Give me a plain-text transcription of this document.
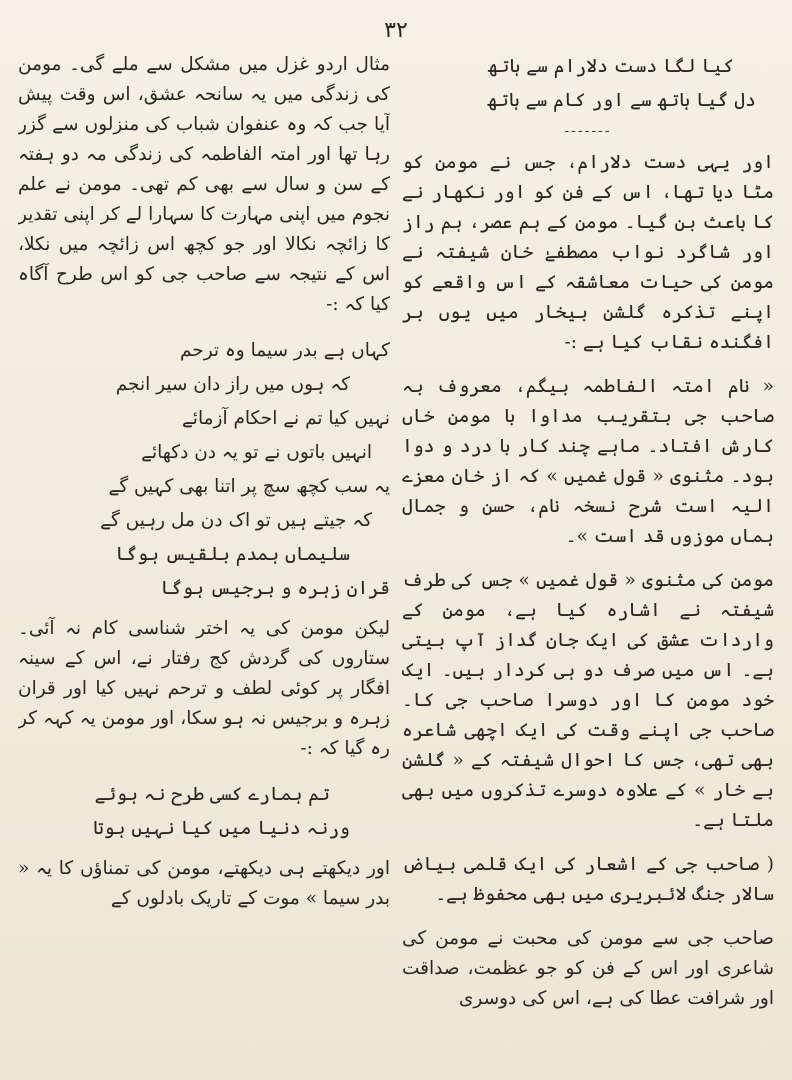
۳۲
کیا لگا دست دلارام سے ہاتھ
دل گیا ہاتھ سے اور کام سے ہاتھ
-------

اور یہی دست دلارام، جس نے مومن کو مٹا دیا تھا، اس کے فن کو اور نکھار نے کا باعث بن گیا۔ مومن کے ہم عصر، ہم راز اور شاگرد نواب مصطفےٰ خان شیفتہ نے مومن کی حیات معاشقہ کے اس واقعے کو اپنے تذکرہ گلشن بیخار میں یوں بر افگندہ نقاب کیا ہے :-

« نام امتہ الفاطمہ بیگم، معروف بہ صاحب جی بتقریب مداوا با مومن خاں کارش افتاد۔ ماہے چند کار با درد و دوا بود۔ مثنوی « قول غمیں » کہ از خان معزے الیہ است شرح نسخہ نام، حسن و جمال ہماں موزوں قد است »۔

مومن کی مثنوی « قول غمیں » جس کی طرف شیفتہ نے اشارہ کیا ہے، مومن کے واردات عشق کی ایک جان گداز آپ بیتی ہے۔ اس میں صرف دو ہی کردار ہیں۔ ایک خود مومن کا اور دوسرا صاحب جی کا۔ صاحب جی اپنے وقت کی ایک اچھی شاعرہ بھی تھی، جس کا احوال شیفتہ کے « گلشن بے خار » کے علاوہ دوسرے تذکروں میں بھی ملتا ہے۔

( صاحب جی کے اشعار کی ایک قلمی بیاض سالار جنگ لائبریری میں بھی محفوظ ہے۔

صاحب جی سے مومن کی محبت نے مومن کی شاعری اور اس کے فن کو جو عظمت، صداقت اور شرافت عطا کی ہے، اس کی دوسری

مثال اردو غزل میں مشکل سے ملے گی۔ مومن کی زندگی میں یہ سانحہ عشق، اس وقت پیش آیا جب کہ وہ عنفوان شباب کی منزلوں سے گزر رہا تھا اور امتہ الفاطمہ کی زندگی مہ دو ہفتہ کے سن و سال سے بھی کم تھی۔ مومن نے علم نجوم میں اپنی مہارت کا سہارا لے کر اپنی تقدیر کا زائچہ نکالا اور جو کچھ اس زائچہ میں نکلا، اس کے نتیجہ سے صاحب جی کو اس طرح آگاہ کیا کہ :-

کہاں ہے بدر سیما وہ ترحم
کہ ہوں میں راز دان سیر انجم
نہیں کیا تم نے احکام آزمائے
انہیں باتوں نے تو یہ دن دکھائے
یہ سب کچھ سچ پر اتنا بھی کہیں گے
کہ جیتے ہیں تو اک دن مل رہیں گے
سلیماں ہمدم بلقیس ہوگا
قران زہرہ و برجیس ہوگا

لیکن مومن کی یہ اختر شناسی کام نہ آئی۔ ستاروں کی گردش کج رفتار نے، اس کے سینہ افگار پر کوئی لطف و ترحم نہیں کیا اور قران زہرہ و برجیس نہ ہو سکا، اور مومن یہ کہہ کر رہ گیا کہ :-

تم ہمارے کسی طرح نہ ہوئے
ورنہ دنیا میں کیا نہیں ہوتا

اور دیکھتے ہی دیکھتے، مومن کی تمناؤں کا یہ « بدر سیما » موت کے تاریک بادلوں کے
